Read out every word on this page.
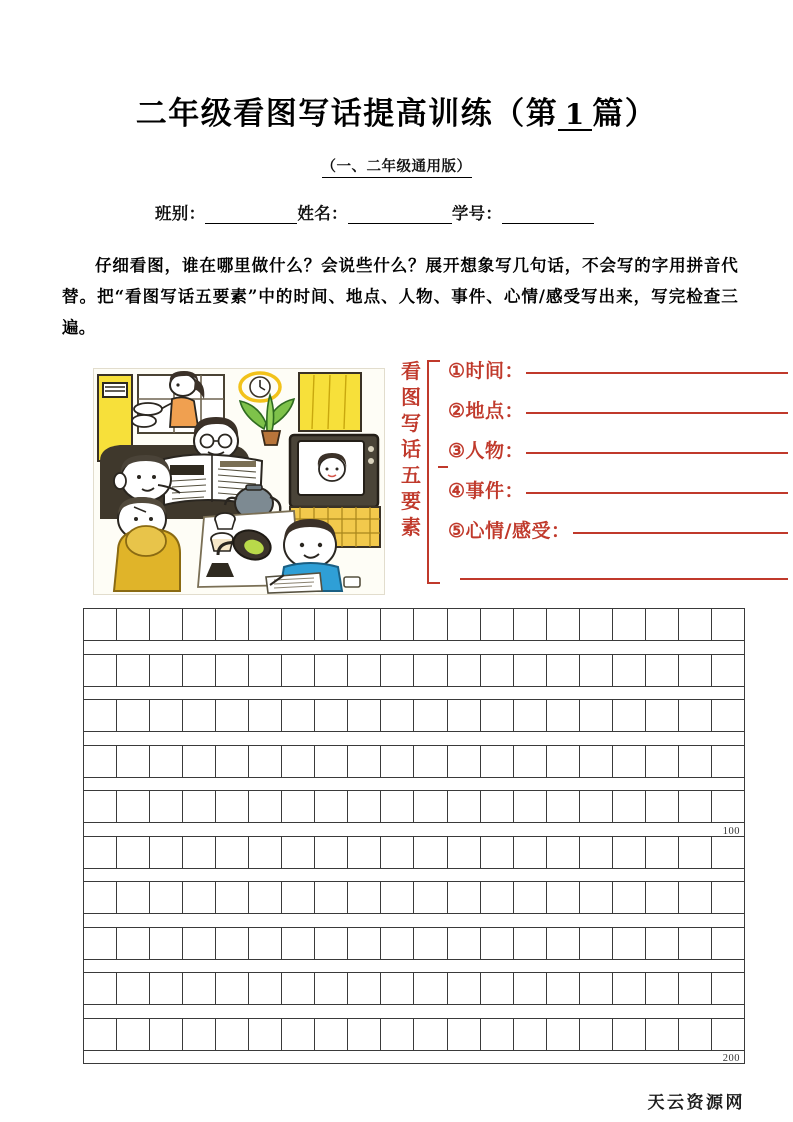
二年级看图写话提高训练（第 1 篇）
（一、二年级通用版）
班别：	姓名：	学号：
仔细看图，谁在哪里做什么？会说些什么？展开想象写几句话，不会写的字用拼音代替。把“看图写话五要素”中的时间、地点、人物、事件、心情/感受写出来，写完检查三遍。
看
图
写
话
五
要
素
① 时间：
② 地点：
③ 人物：
④ 事件：
⑤ 心情/感受：
100
200
天云资源网
